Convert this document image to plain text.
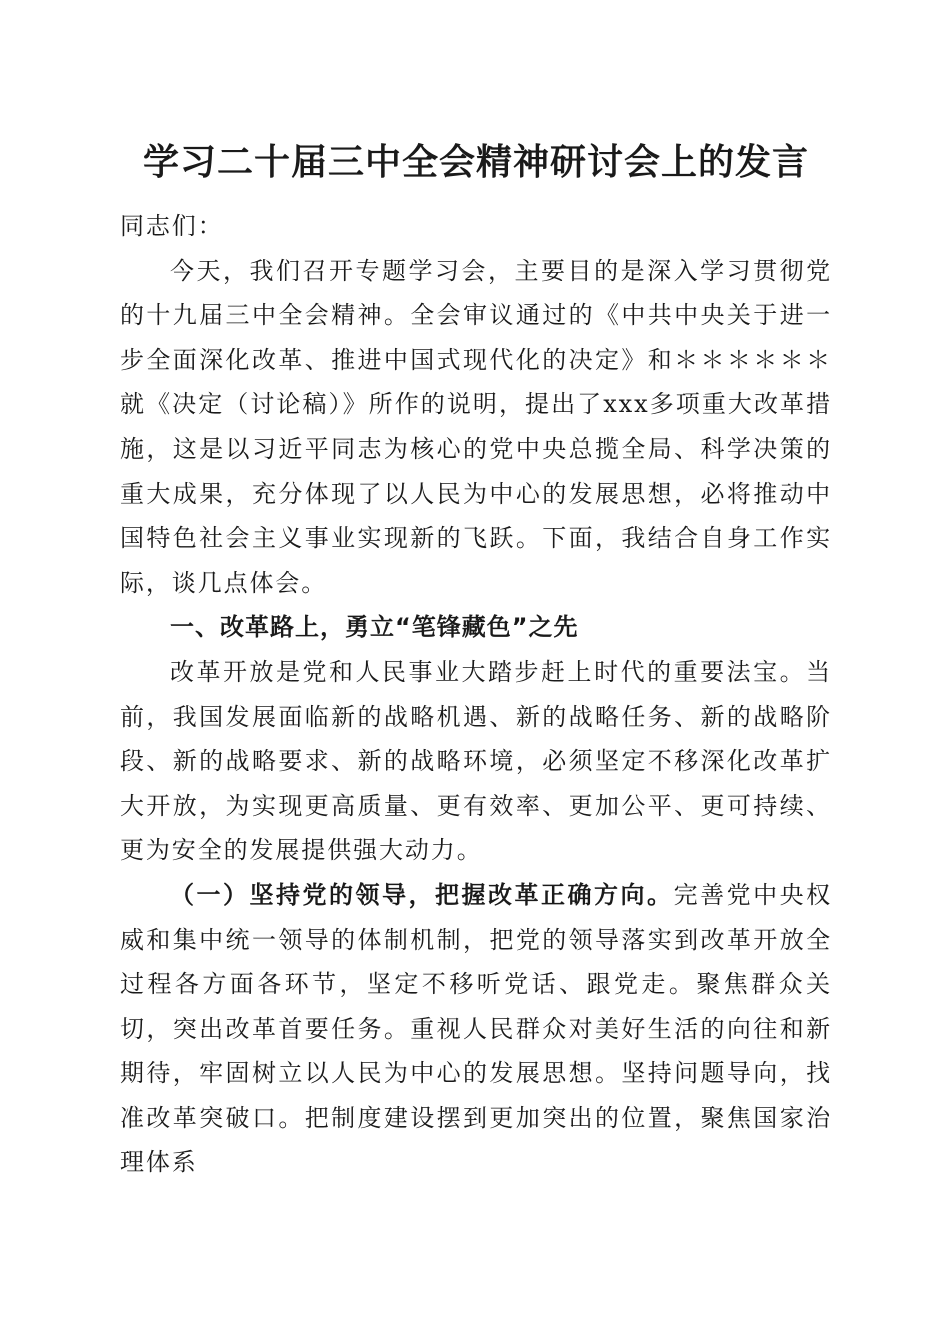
学习二十届三中全会精神研讨会上的发言

同志们：

今天，我们召开专题学习会，主要目的是深入学习贯彻党的十九届三中全会精神。全会审议通过的《中共中央关于进一步全面深化改革、推进中国式现代化的决定》和＊＊＊＊＊＊就《决定（讨论稿）》所作的说明，提出了xxx多项重大改革措施，这是以习近平同志为核心的党中央总揽全局、科学决策的重大成果，充分体现了以人民为中心的发展思想，必将推动中国特色社会主义事业实现新的飞跃。下面，我结合自身工作实际，谈几点体会。

一、改革路上，勇立“笔锋藏色”之先

改革开放是党和人民事业大踏步赶上时代的重要法宝。当前，我国发展面临新的战略机遇、新的战略任务、新的战略阶段、新的战略要求、新的战略环境，必须坚定不移深化改革扩大开放，为实现更高质量、更有效率、更加公平、更可持续、更为安全的发展提供强大动力。

（一）坚持党的领导，把握改革正确方向。完善党中央权威和集中统一领导的体制机制，把党的领导落实到改革开放全过程各方面各环节，坚定不移听党话、跟党走。聚焦群众关切，突出改革首要任务。重视人民群众对美好生活的向往和新期待，牢固树立以人民为中心的发展思想。坚持问题导向，找准改革突破口。把制度建设摆到更加突出的位置，聚焦国家治理体系
